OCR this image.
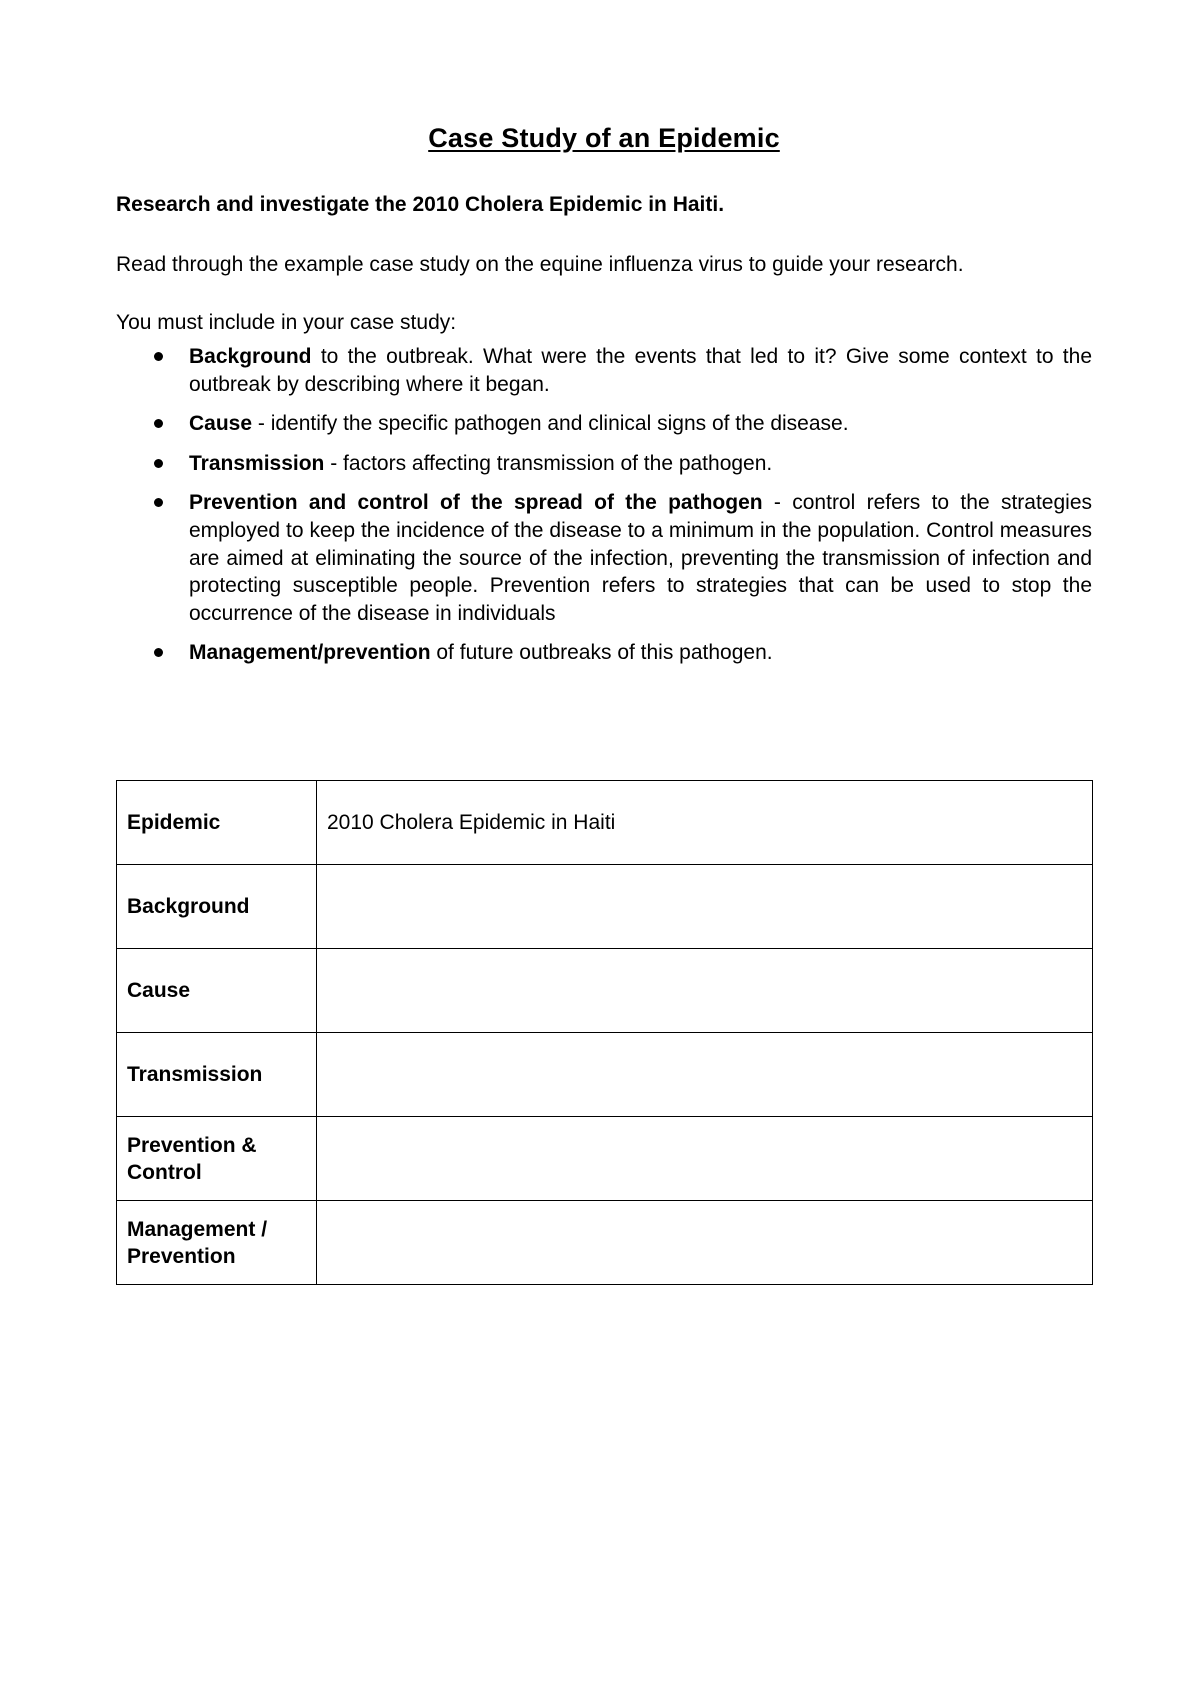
Case Study of an Epidemic
Research and investigate the 2010 Cholera Epidemic in Haiti.
Read through the example case study on the equine influenza virus to guide your research.
You must include in your case study:
Background to the outbreak. What were the events that led to it? Give some context to the outbreak by describing where it began.
Cause - identify the specific pathogen and clinical signs of the disease.
Transmission - factors affecting transmission of the pathogen.
Prevention and control of the spread of the pathogen - control refers to the strategies employed to keep the incidence of the disease to a minimum in the population. Control measures are aimed at eliminating the source of the infection, preventing the transmission of infection and protecting susceptible people. Prevention refers to strategies that can be used to stop the occurrence of the disease in individuals
Management/prevention of future outbreaks of this pathogen.
Epidemic	2010 Cholera Epidemic in Haiti
Background	
Cause	
Transmission	
Prevention & Control	
Management / Prevention	
